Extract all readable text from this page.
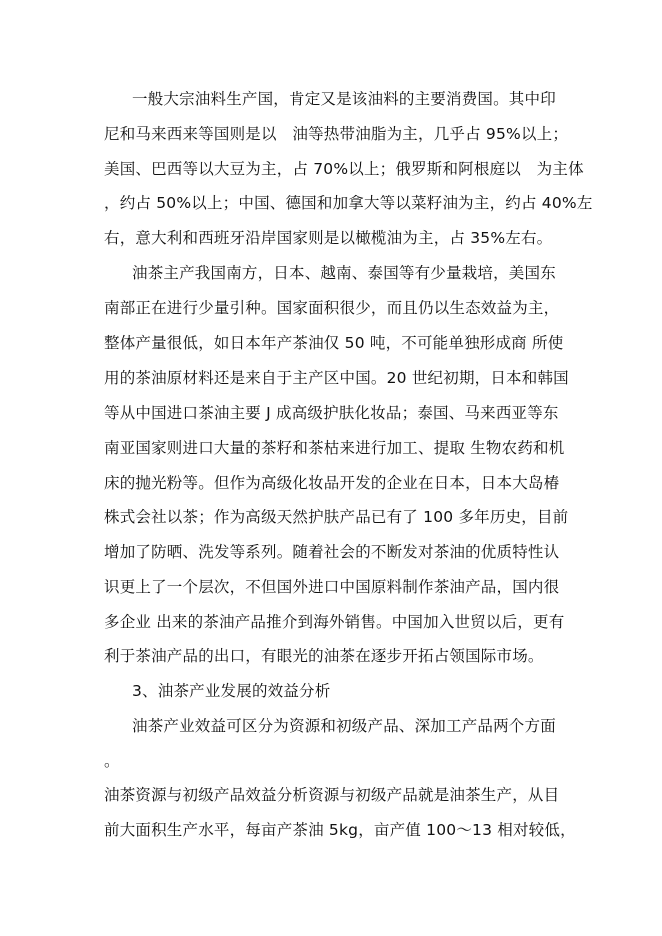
一般大宗油料生产国，肯定又是该油料的主要消费国。其中印
尼和马来西来等国则是以　油等热带油脂为主，几乎占 95%以上；
美国、巴西等以大豆为主，占 70%以上；俄罗斯和阿根庭以　为主体
，约占 50%以上；中国、德国和加拿大等以菜籽油为主，约占 40%左
右，意大利和西班牙沿岸国家则是以橄榄油为主，占 35%左右。
油茶主产我国南方，日本、越南、泰国等有少量栽培，美国东
南部正在进行少量引种。国家面积很少，而且仍以生态效益为主，
整体产量很低，如日本年产茶油仅 50 吨，不可能单独形成商 所使
用的茶油原材料还是来自于主产区中国。20 世纪初期，日本和韩国
等从中国进口茶油主要 J 成高级护肤化妆品；泰国、马来西亚等东
南亚国家则进口大量的茶籽和茶枯来进行加工、提取 生物农药和机
床的抛光粉等。但作为高级化妆品开发的企业在日本，日本大岛椿
株式会社以茶；作为高级天然护肤产品已有了 100 多年历史，目前
增加了防晒、洗发等系列。随着社会的不断发对茶油的优质特性认
识更上了一个层次，不但国外进口中国原料制作茶油产品，国内很
多企业 出来的茶油产品推介到海外销售。中国加入世贸以后，更有
利于茶油产品的出口，有眼光的油茶在逐步开拓占领国际市场。
3、油茶产业发展的效益分析
油茶产业效益可区分为资源和初级产品、深加工产品两个方面
。
油茶资源与初级产品效益分析资源与初级产品就是油茶生产，从目
前大面积生产水平，每亩产茶油 5kg，亩产值 100～13 相对较低，
